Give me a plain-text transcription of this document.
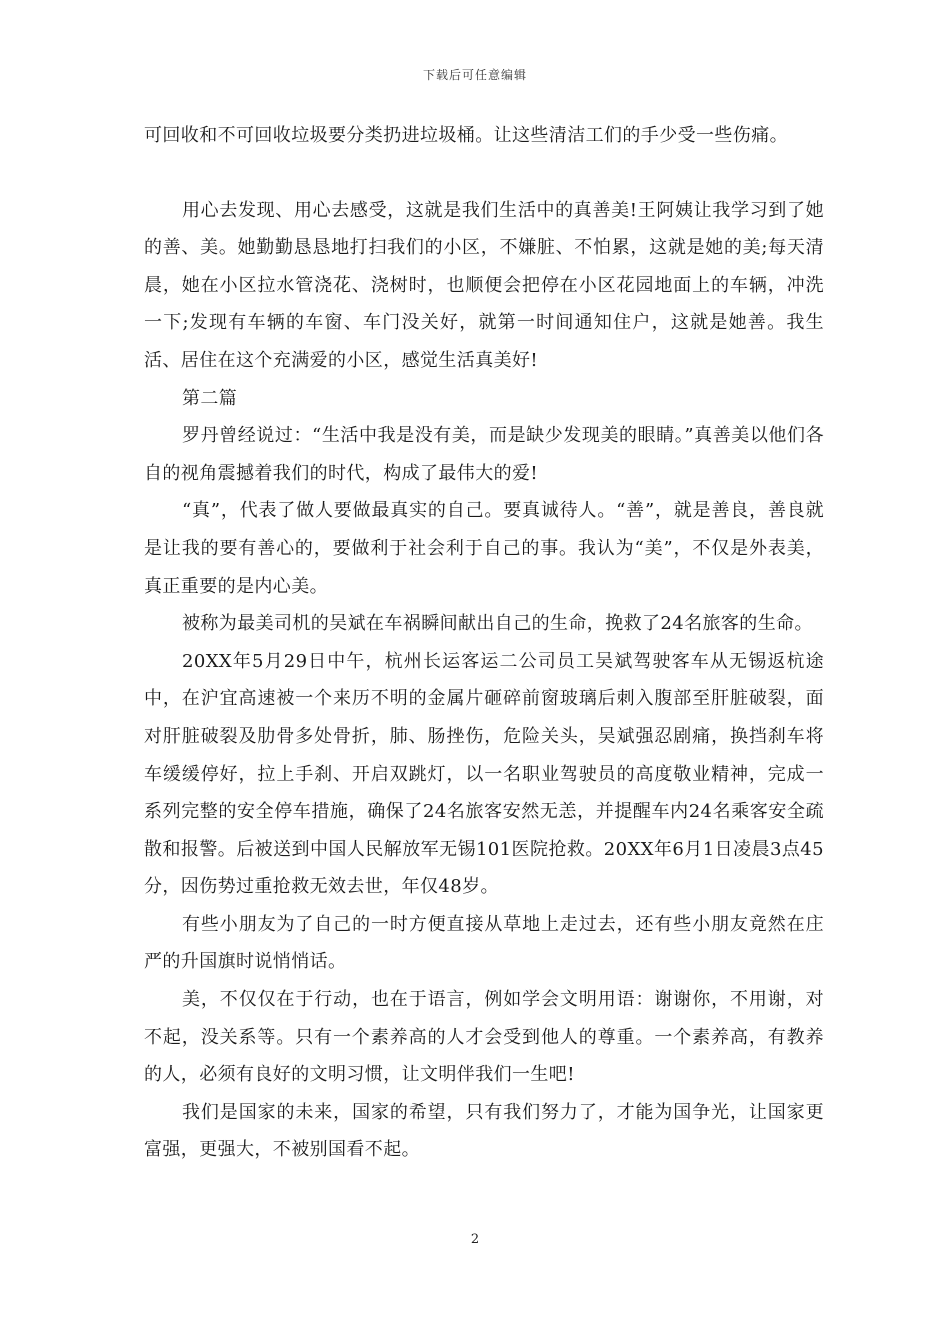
下载后可任意编辑

可回收和不可回收垃圾要分类扔进垃圾桶。让这些清洁工们的手少受一些伤痛。

用心去发现、用心去感受，这就是我们生活中的真善美!王阿姨让我学习到了她的善、美。她勤勤恳恳地打扫我们的小区，不嫌脏、不怕累，这就是她的美;每天清晨，她在小区拉水管浇花、浇树时，也顺便会把停在小区花园地面上的车辆，冲洗一下;发现有车辆的车窗、车门没关好，就第一时间通知住户，这就是她善。我生活、居住在这个充满爱的小区，感觉生活真美好!

第二篇

罗丹曾经说过：“生活中我是没有美，而是缺少发现美的眼睛。”真善美以他们各自的视角震撼着我们的时代，构成了最伟大的爱!

“真”，代表了做人要做最真实的自己。要真诚待人。“善”，就是善良，善良就是让我的要有善心的，要做利于社会利于自己的事。我认为“美”，不仅是外表美，真正重要的是内心美。

被称为最美司机的吴斌在车祸瞬间献出自己的生命，挽救了24名旅客的生命。

20XX年5月29日中午，杭州长运客运二公司员工吴斌驾驶客车从无锡返杭途中，在沪宜高速被一个来历不明的金属片砸碎前窗玻璃后刺入腹部至肝脏破裂，面对肝脏破裂及肋骨多处骨折，肺、肠挫伤，危险关头，吴斌强忍剧痛，换挡刹车将车缓缓停好，拉上手刹、开启双跳灯，以一名职业驾驶员的高度敬业精神，完成一系列完整的安全停车措施，确保了24名旅客安然无恙，并提醒车内24名乘客安全疏散和报警。后被送到中国人民解放军无锡101医院抢救。20XX年6月1日凌晨3点45分，因伤势过重抢救无效去世，年仅48岁。

有些小朋友为了自己的一时方便直接从草地上走过去，还有些小朋友竟然在庄严的升国旗时说悄悄话。

美，不仅仅在于行动，也在于语言，例如学会文明用语：谢谢你，不用谢，对不起，没关系等。只有一个素养高的人才会受到他人的尊重。一个素养高，有教养的人，必须有良好的文明习惯，让文明伴我们一生吧!

我们是国家的未来，国家的希望，只有我们努力了，才能为国争光，让国家更富强，更强大，不被别国看不起。

2
